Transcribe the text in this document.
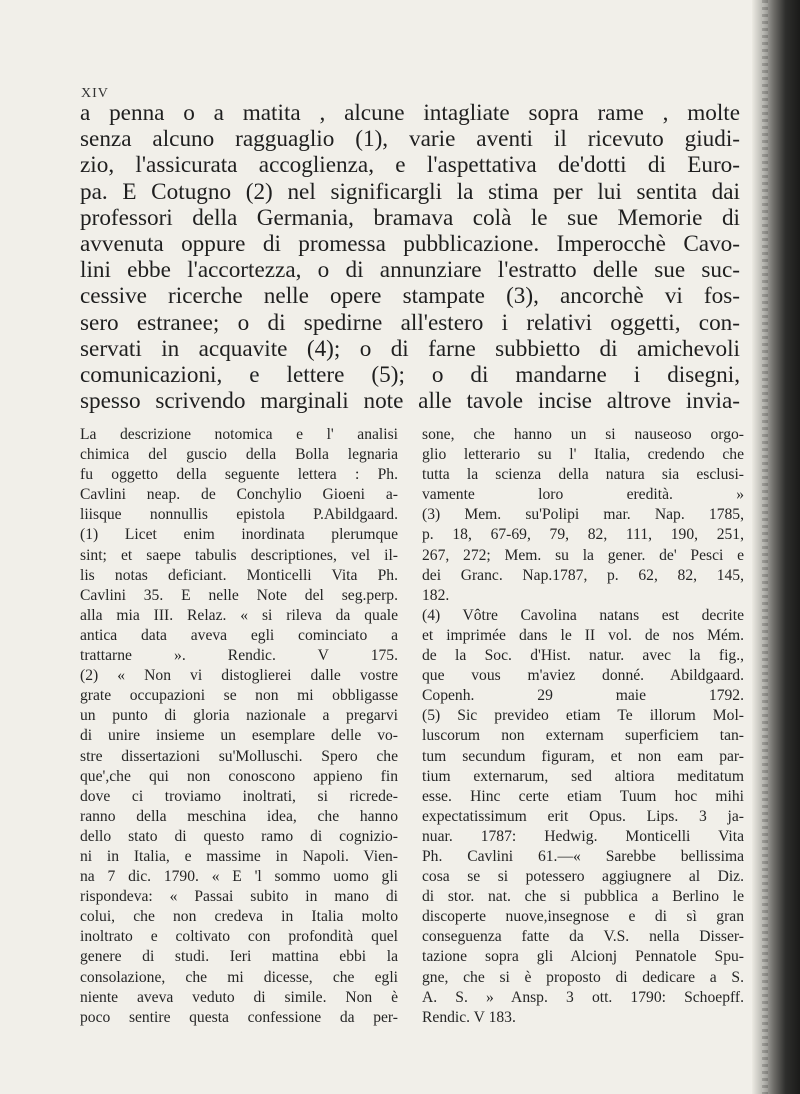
XIV
a penna o a matita , alcune intagliate sopra rame , molte
senza alcuno ragguaglio (1), varie aventi il ricevuto giudi-
zio, l'assicurata accoglienza, e l'aspettativa de'dotti di Euro-
pa. E Cotugno (2) nel significargli la stima per lui sentita dai
professori della Germania, bramava colà le sue Memorie di
avvenuta oppure di promessa pubblicazione. Imperocchè Cavo-
lini ebbe l'accortezza, o di annunziare l'estratto delle sue suc-
cessive ricerche nelle opere stampate (3), ancorchè vi fos-
sero estranee; o di spedirne all'estero i relativi oggetti, con-
servati in acquavite (4); o di farne subbietto di amichevoli
comunicazioni, e lettere (5); o di mandarne i disegni,
spesso scrivendo marginali note alle tavole incise altrove invia-
La descrizione notomica e l' analisi
chimica del guscio della Bolla legnaria
fu oggetto della seguente lettera : Ph.
Cavlini neap. de Conchylio Gioeni a-
liisque nonnullis epistola P.Abildgaard.
(1) Licet enim inordinata plerumque
sint; et saepe tabulis descriptiones, vel il-
lis notas deficiant. Monticelli Vita Ph.
Cavlini 35. E nelle Note del seg.perp.
alla mia III. Relaz. « si rileva da quale
antica data aveva egli cominciato a
trattarne ». Rendic. V 175.
(2) « Non vi distoglierei dalle vostre
grate occupazioni se non mi obbligasse
un punto di gloria nazionale a pregarvi
di unire insieme un esemplare delle vo-
stre dissertazioni su'Molluschi. Spero che
que',che qui non conoscono appieno fin
dove ci troviamo inoltrati, si ricrede-
ranno della meschina idea, che hanno
dello stato di questo ramo di cognizio-
ni in Italia, e massime in Napoli. Vien-
na 7 dic. 1790. « E 'l sommo uomo gli
rispondeva: « Passai subito in mano di
colui, che non credeva in Italia molto
inoltrato e coltivato con profondità quel
genere di studi. Ieri mattina ebbi la
consolazione, che mi dicesse, che egli
niente aveva veduto di simile. Non è
poco sentire questa confessione da per-
sone, che hanno un si nauseoso orgo-
glio letterario su l' Italia, credendo che
tutta la scienza della natura sia esclusi-
vamente loro eredità. »
(3) Mem. su'Polipi mar. Nap. 1785,
p. 18, 67-69, 79, 82, 111, 190, 251,
267, 272; Mem. su la gener. de' Pesci e
dei Granc. Nap.1787, p. 62, 82, 145,
182.
(4) Vôtre Cavolina natans est decrite
et imprimée dans le II vol. de nos Mém.
de la Soc. d'Hist. natur. avec la fig.,
que vous m'aviez donné. Abildgaard.
Copenh. 29 maie 1792.
(5) Sic previdео etiam Te illorum Mol-
luscorum non externam superficiem tan-
tum secundum figuram, et non eam par-
tium externarum, sed altiora meditatum
esse. Hinc certe etiam Tuum hoc mihi
expectatissimum erit Opus. Lips. 3 ja-
nuar. 1787: Hedwig. Monticelli Vita
Ph. Cavlini 61.—« Sarebbe bellissima
cosa se si potessero aggiugnere al Diz.
di stor. nat. che si pubblica a Berlino le
discoperte nuove,insegnose e di sì gran
conseguenza fatte da V.S. nella Disser-
tazione sopra gli Alcionj Pennatole Spu-
gne, che si è proposto di dedicare a S.
A. S. » Ansp. 3 ott. 1790: Schoepff.
Rendic. V 183.
